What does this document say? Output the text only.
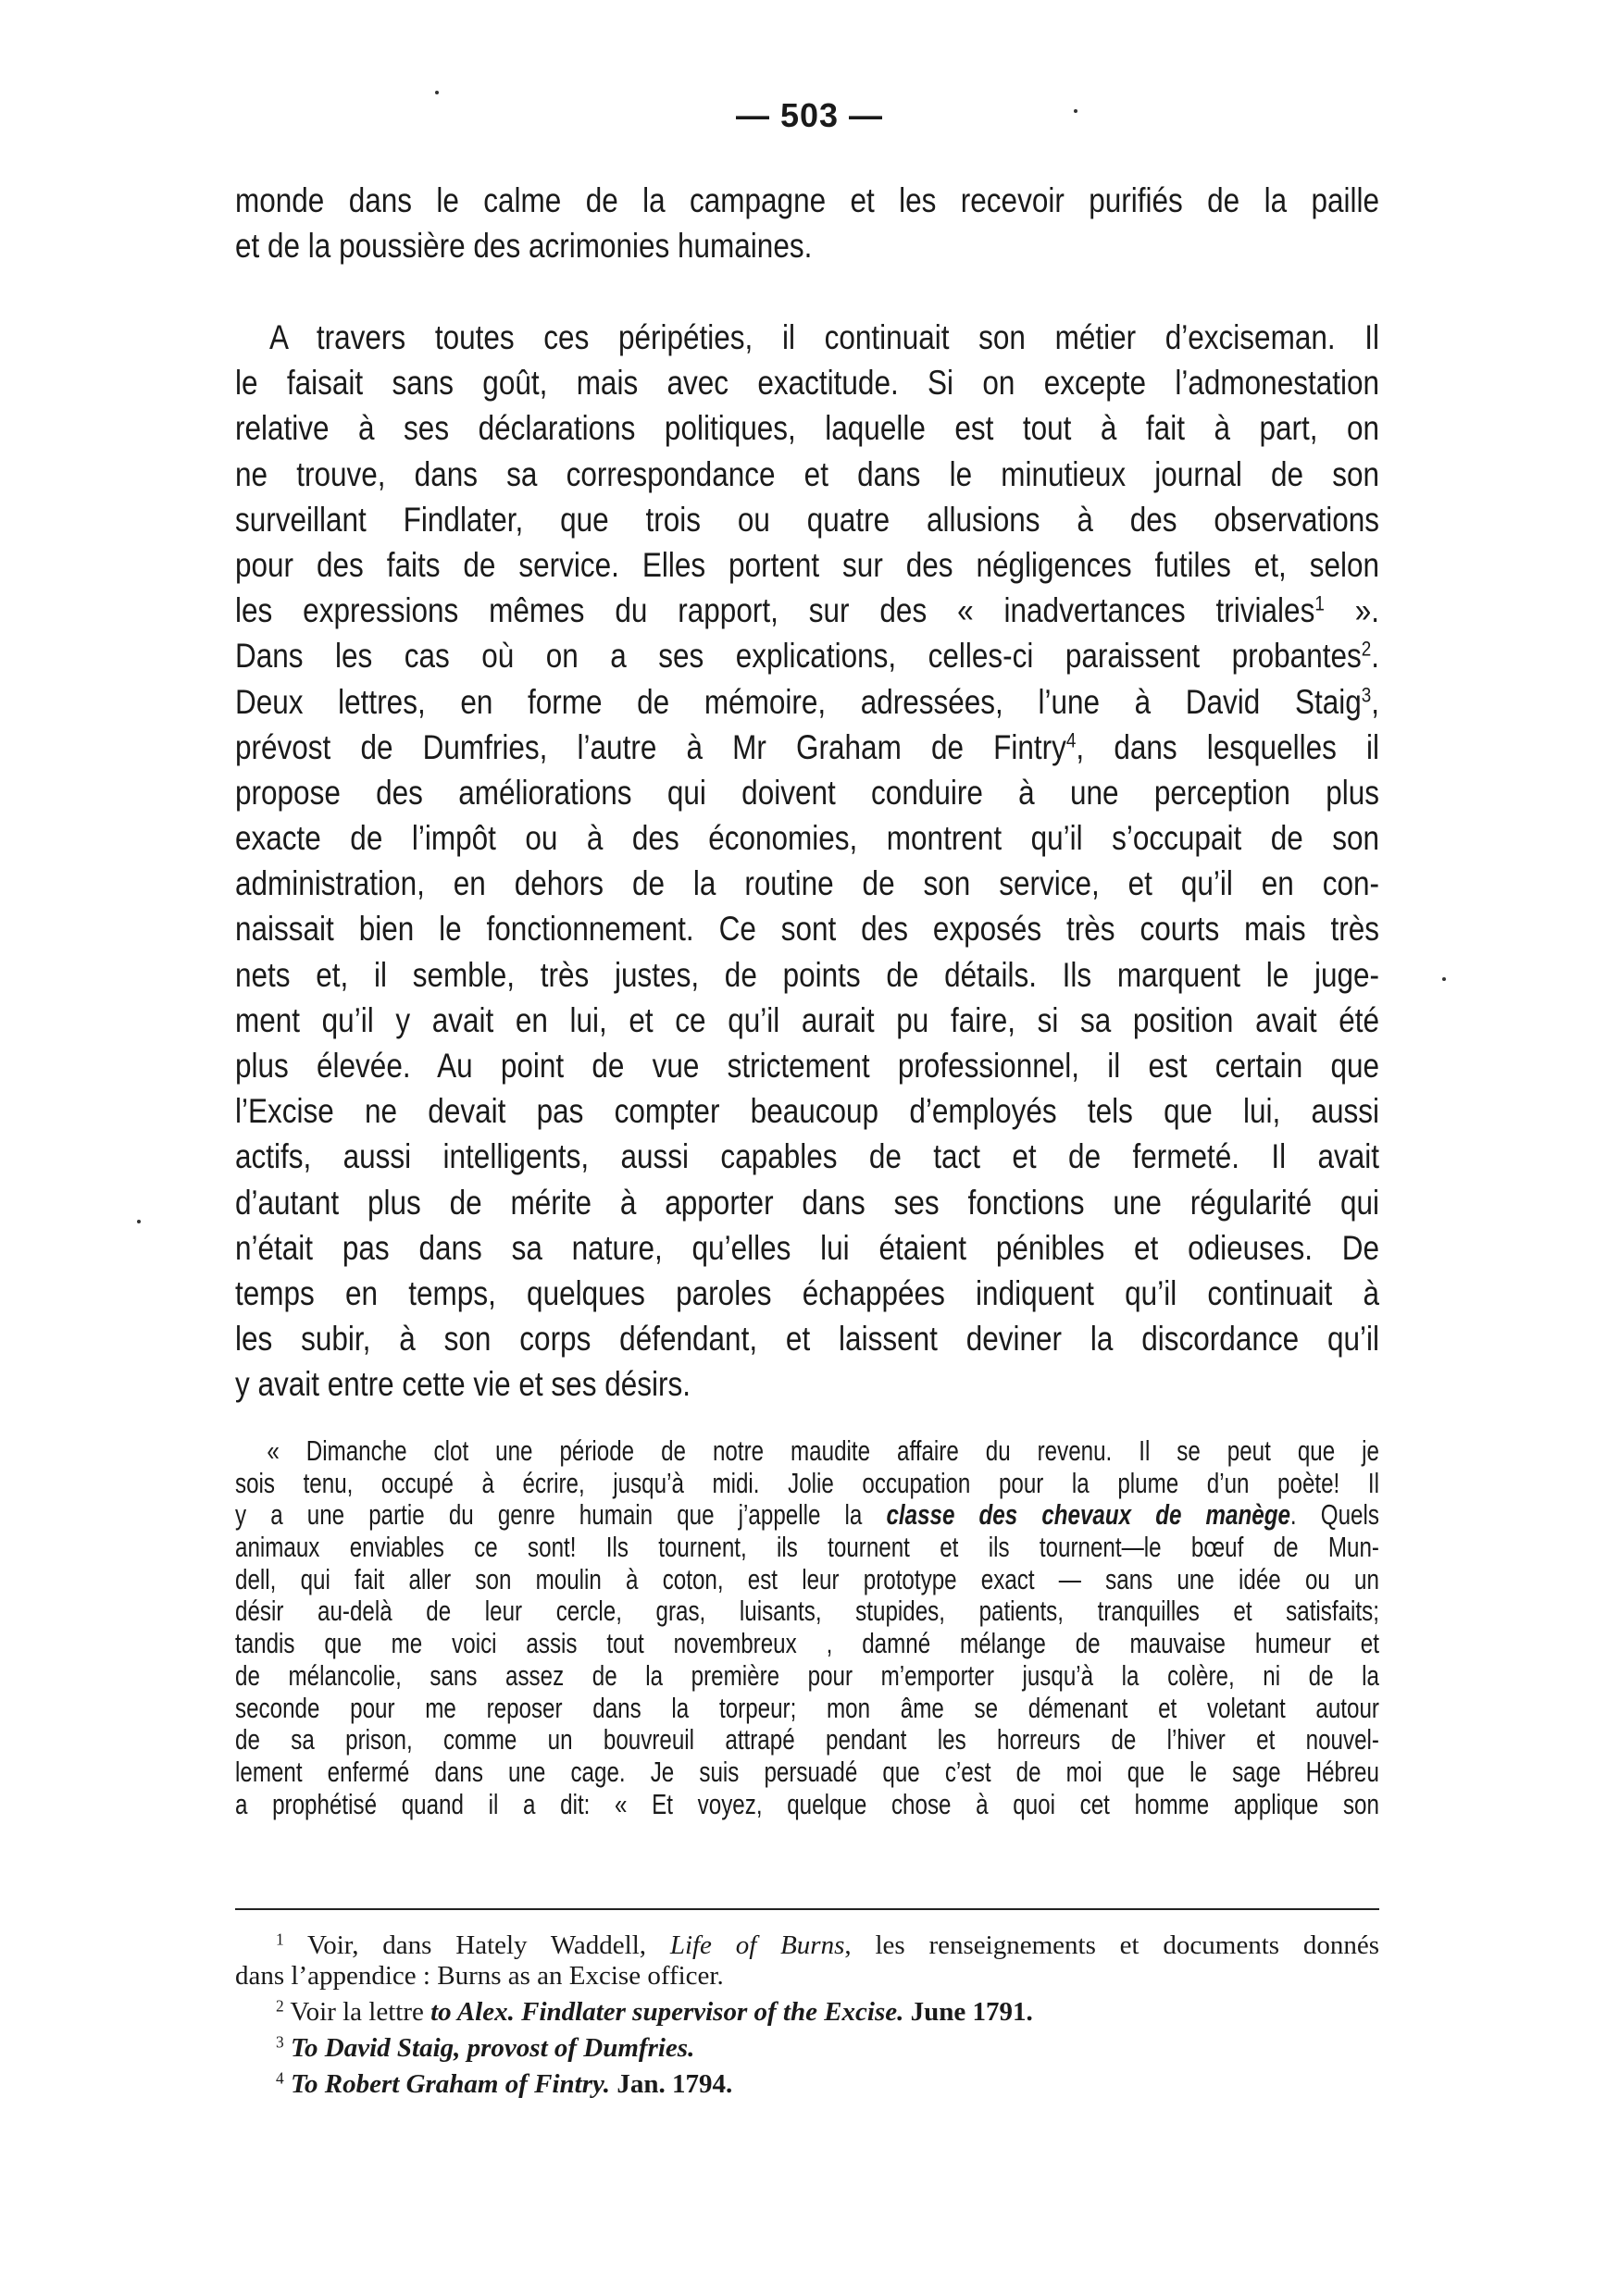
— 503 —
monde dans le calme de la campagne et les recevoir purifiés de la paille
et de la poussière des acrimonies humaines.
A travers toutes ces péripéties, il continuait son métier d’exciseman. Il
le faisait sans goût, mais avec exactitude. Si on excepte l’admonestation
relative à ses déclarations politiques, laquelle est tout à fait à part, on
ne trouve, dans sa correspondance et dans le minutieux journal de son
surveillant Findlater, que trois ou quatre allusions à des observations
pour des faits de service. Elles portent sur des négligences futiles et, selon
les expressions mêmes du rapport, sur des « inadvertances triviales$^1$ ».
Dans les cas où on a ses explications, celles-ci paraissent probantes$^2$.
Deux lettres, en forme de mémoire, adressées, l’une à David Staig$^3$,
prévost de Dumfries, l’autre à Mr Graham de Fintry$^4$, dans lesquelles il
propose des améliorations qui doivent conduire à une perception plus
exacte de l’impôt ou à des économies, montrent qu’il s’occupait de son
administration, en dehors de la routine de son service, et qu’il en con-
naissait bien le fonctionnement. Ce sont des exposés très courts mais très
nets et, il semble, très justes, de points de détails. Ils marquent le juge-
ment qu’il y avait en lui, et ce qu’il aurait pu faire, si sa position avait été
plus élevée. Au point de vue strictement professionnel, il est certain que
l’Excise ne devait pas compter beaucoup d’employés tels que lui, aussi
actifs, aussi intelligents, aussi capables de tact et de fermeté. Il avait
d’autant plus de mérite à apporter dans ses fonctions une régularité qui
n’était pas dans sa nature, qu’elles lui étaient pénibles et odieuses. De
temps en temps, quelques paroles échappées indiquent qu’il continuait à
les subir, à son corps défendant, et laissent deviner la discordance qu’il
y avait entre cette vie et ses désirs.
« Dimanche clot une période de notre maudite affaire du revenu. Il se peut que je
sois tenu, occupé à écrire, jusqu’à midi. Jolie occupation pour la plume d’un poète! Il
y a une partie du genre humain que j’appelle la classe des chevaux de manège. Quels
animaux enviables ce sont! Ils tournent, ils tournent et ils tournent—le bœuf de Mun-
dell, qui fait aller son moulin à coton, est leur prototype exact — sans une idée ou un
désir au-delà de leur cercle, gras, luisants, stupides, patients, tranquilles et satisfaits;
tandis que me voici assis tout novembreux , damné mélange de mauvaise humeur et
de mélancolie, sans assez de la première pour m’emporter jusqu’à la colère, ni de la
seconde pour me reposer dans la torpeur; mon âme se démenant et voletant autour
de sa prison, comme un bouvreuil attrapé pendant les horreurs de l’hiver et nouvel-
lement enfermé dans une cage. Je suis persuadé que c’est de moi que le sage Hébreu
a prophétisé quand il a dit: « Et voyez, quelque chose à quoi cet homme applique son
$^1$ Voir, dans Hately Waddell, Life of Burns, les renseignements et documents donnés
dans l’appendice : Burns as an Excise officer.
$^2$ Voir la lettre to Alex. Findlater supervisor of the Excise. June 1791.
$^3$ To David Staig, provost of Dumfries.
$^4$ To Robert Graham of Fintry. Jan. 1794.
